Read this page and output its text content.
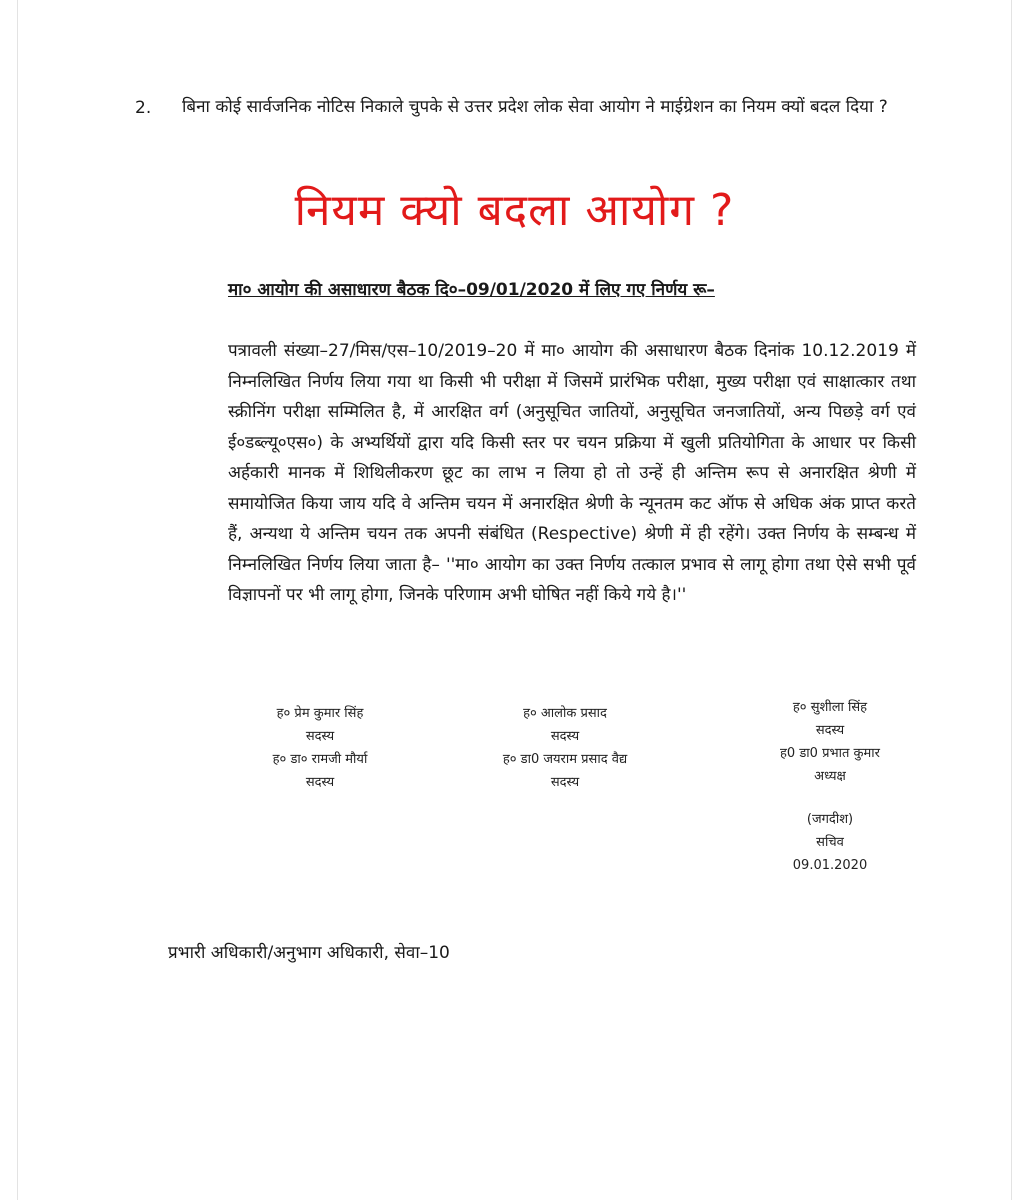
2. बिना कोई सार्वजनिक नोटिस निकाले चुपके से उत्तर प्रदेश लोक सेवा आयोग ने माईग्रेशन का नियम क्यों बदल दिया ?
नियम क्यो बदला आयोग ?
मा० आयोग की असाधारण बैठक दि०–09/01/2020 में लिए गए निर्णय रू–
पत्रावली संख्या–27/मिस/एस–10/2019–20 में मा० आयोग की असाधारण बैठक दिनांक 10.12.2019 में निम्नलिखित निर्णय लिया गया था किसी भी परीक्षा में जिसमें प्रारंभिक परीक्षा, मुख्य परीक्षा एवं साक्षात्कार तथा स्क्रीनिंग परीक्षा सम्मिलित है, में आरक्षित वर्ग (अनुसूचित जातियों, अनुसूचित जनजातियों, अन्य पिछड़े वर्ग एवं ई०डब्ल्यू०एस०) के अभ्यर्थियों द्वारा यदि किसी स्तर पर चयन प्रक्रिया में खुली प्रतियोगिता के आधार पर किसी अर्हकारी मानक में शिथिलीकरण छूट का लाभ न लिया हो तो उन्हें ही अन्तिम रूप से अनारक्षित श्रेणी में समायोजित किया जाय यदि वे अन्तिम चयन में अनारक्षित श्रेणी के न्यूनतम कट ऑफ से अधिक अंक प्राप्त करते हैं, अन्यथा ये अन्तिम चयन तक अपनी संबंधित (Respective) श्रेणी में ही रहेंगे। उक्त निर्णय के सम्बन्ध में निम्नलिखित निर्णय लिया जाता है– ''मा० आयोग का उक्त निर्णय तत्काल प्रभाव से लागू होगा तथा ऐसे सभी पूर्व विज्ञापनों पर भी लागू होगा, जिनके परिणाम अभी घोषित नहीं किये गये है।''
ह० प्रेम कुमार सिंह
सदस्य
ह० डा० रामजी मौर्या
सदस्य
ह० आलोक प्रसाद
सदस्य
ह० डा0 जयराम प्रसाद वैद्य
सदस्य
ह० सुशीला सिंह
सदस्य
ह0 डा0 प्रभात कुमार
अध्यक्ष
(जगदीश)
सचिव
09.01.2020
प्रभारी अधिकारी/अनुभाग अधिकारी, सेवा–10
